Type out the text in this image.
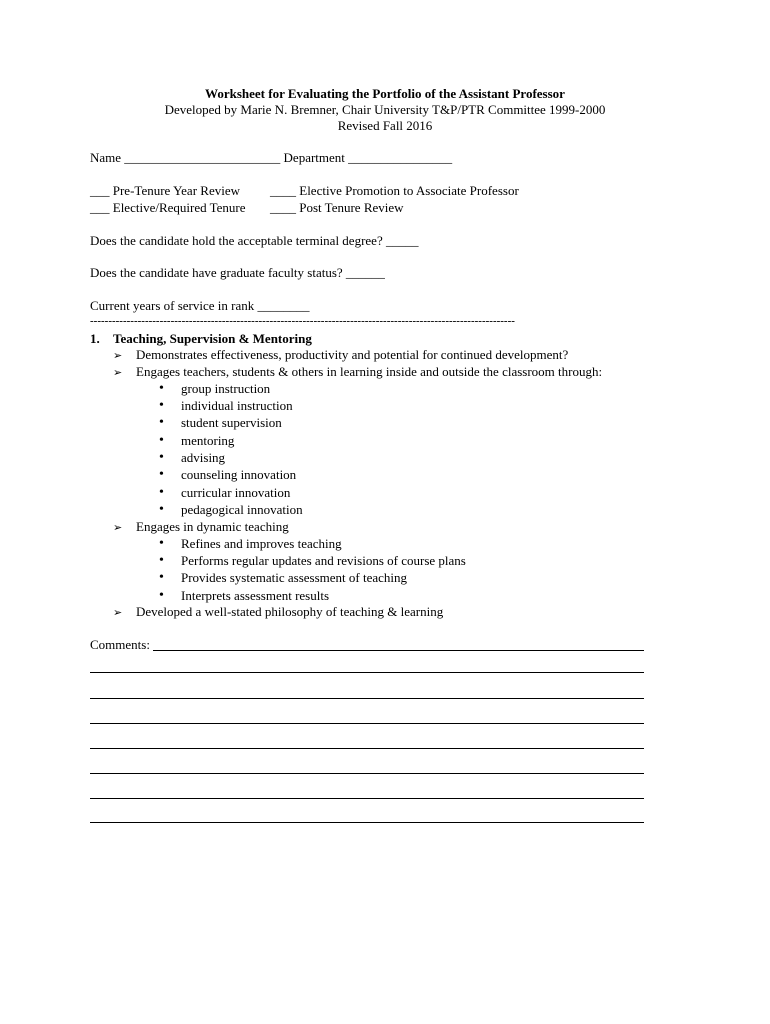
Worksheet for Evaluating the Portfolio of the Assistant Professor
Developed by Marie N. Bremner, Chair University T&P/PTR Committee 1999-2000
Revised Fall 2016
Name ________________________ Department ________________
___ Pre-Tenure Year Review ____ Elective Promotion to Associate Professor
___ Elective/Required Tenure ____ Post Tenure Review
Does the candidate hold the acceptable terminal degree? _____
Does the candidate have graduate faculty status? ______
Current years of service in rank ________
--------------------------------------------------------------------------------------------------------------------
1. Teaching, Supervision & Mentoring
➢ Demonstrates effectiveness, productivity and potential for continued development?
➢ Engages teachers, students & others in learning inside and outside the classroom through:
• group instruction
• individual instruction
• student supervision
• mentoring
• advising
• counseling innovation
• curricular innovation
• pedagogical innovation
➢ Engages in dynamic teaching
• Refines and improves teaching
• Performs regular updates and revisions of course plans
• Provides systematic assessment of teaching
• Interprets assessment results
➢ Developed a well-stated philosophy of teaching & learning
Comments:
